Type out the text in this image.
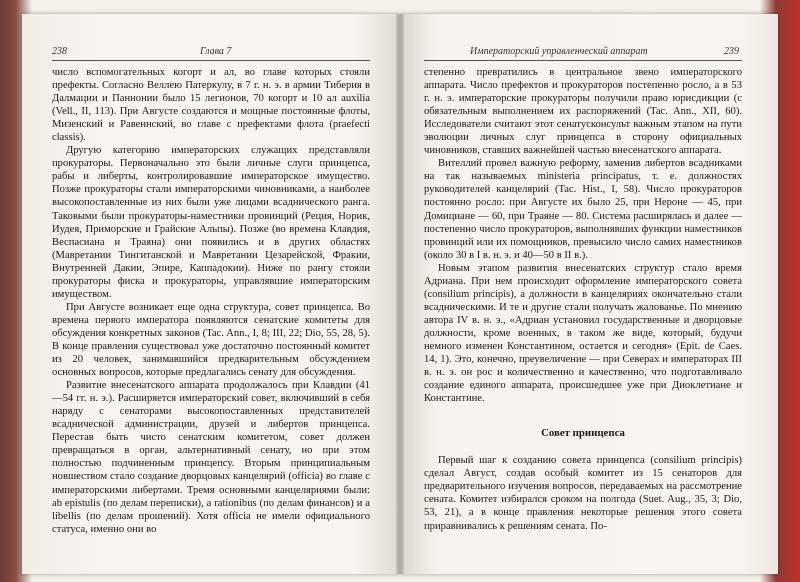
238	Глава 7	Императорский управленческий аппарат	239

число вспомогательных когорт и ал, во главе которых стояли префекты. Согласно Веллею Патеркулу, в 7 г. н. э. в армии Тиберия в Далмации и Паннонии было 15 легионов, 70 когорт и 10 ал auxilia (Vell., II, 113). При Августе создаются и мощные постоянные флоты, Мизенский и Равеннский, во главе с префектами флота (praefecti classis).

Другую категорию императорских служащих представляли прокураторы. Первоначально это были личные слуги принцепса, рабы и либерты, контролировавшие императорское имущество. Позже прокураторы стали императорскими чиновниками, а наиболее высокопоставленные из них были уже лицами всаднического ранга. Таковыми были прокураторы-наместники провинций (Реция, Норик, Иудея, Приморские и Грайские Альпы). Позже (во времена Клавдия, Веспасиана и Траяна) они появились и в других областях (Мавретании Тингитанской и Мавретании Цезарейской, Фракии, Внутренней Дакии, Эпире, Каппадокии). Ниже по рангу стояли прокураторы фиска и прокураторы, управлявшие императорским имуществом.

При Августе возникает еще одна структура, совет принцепса. Во времена первого императора появляются сенатские комитеты для обсуждения конкретных законов (Tac. Ann., I, 8; III, 22; Dio, 55, 28, 5). В конце правления существовал уже достаточно постоянный комитет из 20 человек, занимавшийся предварительным обсуждением основных вопросов, которые предлагались сенату для обсуждения.

Развитие внесенатского аппарата продолжалось при Клавдии (41—54 гг. н. э.). Расширяется императорский совет, включивший в себя наряду с сенаторами высокопоставленных представителей всаднической администрации, друзей и либертов принцепса. Перестав быть чисто сенатским комитетом, совет должен превращаться в орган, альтернативный сенату, но при этом полностью подчиненным принцепсу. Вторым принципиальным новшеством стало создание дворцовых канцелярий (officia) во главе с императорскими либертами. Тремя основными канцеляриями были: ab epistulis (по делам переписки), a rationibus (по делам финансов) и a libellis (по делам прошений). Хотя officia не имели официального статуса, именно они во

степенно превратились в центральное звено императорского аппарата. Число префектов и прокураторов постепенно росло, а в 53 г. н. э. императорские прокураторы получили право юрисдикции (с обязательным выполнением их распоряжений (Tac. Ann., XII, 60). Исследователи считают этот сенатусконсульт важным этапом на пути эволюции личных слуг принцепса в сторону официальных чиновников, ставших важнейшей частью внесенатского аппарата.

Вителлий провел важную реформу, заменив либертов всадниками на так называемых ministeria principatus, т. е. должностях руководителей канцелярий (Tac. Hist., I, 58). Число прокураторов постоянно росло: при Августе их было 25, при Нероне — 45, при Домициане — 60, при Траяне — 80. Система расширялась и далее — постепенно число прокураторов, выполнявших функции наместников провинций или их помощников, превысило число самих наместников (около 30 в I в. н. э. и 40—50 в II в.).

Новым этапом развития внесенатских структур стало время Адриана. При нем происходит оформление императорского совета (consilium principis), а должности в канцеляриях окончательно стали всадническими. И те и другие стали получать жалованье. По мнению автора IV в. н. э., «Адриан установил государственные и дворцовые должности, кроме военных, в таком же виде, который, будучи немного изменен Константином, остается и сегодня» (Epit. de Caes. 14, 1). Это, конечно, преувеличение — при Северах и императорах III в. н. э. он рос и количественно и качественно, что подготавливало создание единого аппарата, происшедшее уже при Диоклетиане и Константине.

Совет принцепса

Первый шаг к созданию совета принцепса (consilium principis) сделал Август, создав особый комитет из 15 сенаторов для предварительного изучения вопросов, передаваемых на рассмотрение сената. Комитет избирался сроком на полгода (Suet. Aug., 35, 3; Dio, 53, 21), а в конце правления некоторые решения этого совета приравнивались к решениям сената. По-
